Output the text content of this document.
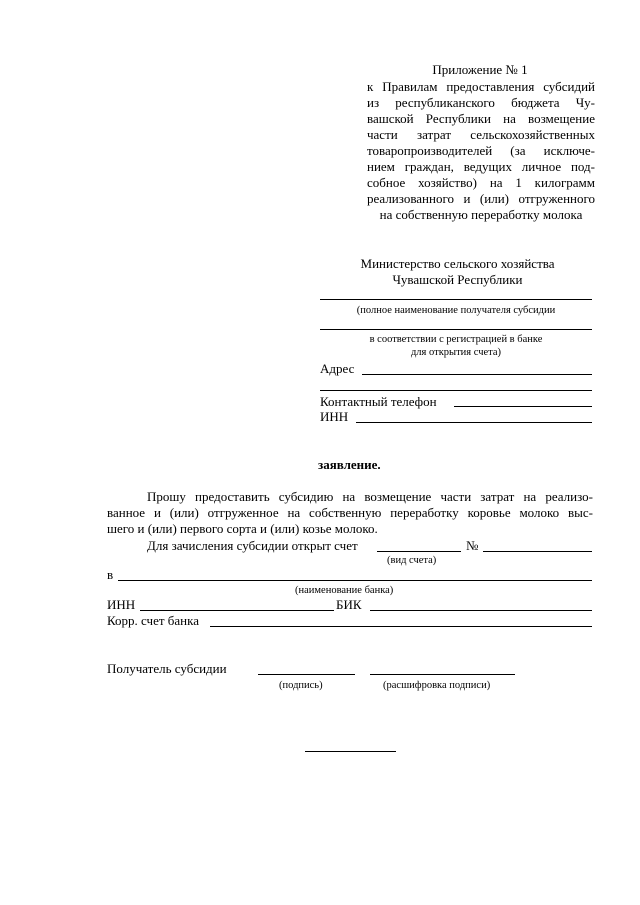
Приложение № 1
к Правилам предоставления субсидий
из республиканского бюджета Чу-
вашской Республики на возмещение
части затрат сельскохозяйственных
товаропроизводителей (за исключе-
нием граждан, ведущих личное под-
собное хозяйство) на 1 килограмм
реализованного и (или) отгруженного
на собственную переработку молока
Министерство сельского хозяйства
Чувашской Республики
(полное наименование получателя субсидии
в соответствии с регистрацией в банке
для открытия счета)
Адрес
Контактный телефон
ИНН
заявление.
Прошу предоставить субсидию на возмещение части затрат на реализо-
ванное и (или) отгруженное на собственную переработку коровье молоко выс-
шего и (или) первого сорта и (или) козье молоко.
Для зачисления субсидии открыт счет	№
(вид счета)
в
(наименование банка)
ИНН	БИК
Корр. счет банка
Получатель субсидии
(подпись)	(расшифровка подписи)
